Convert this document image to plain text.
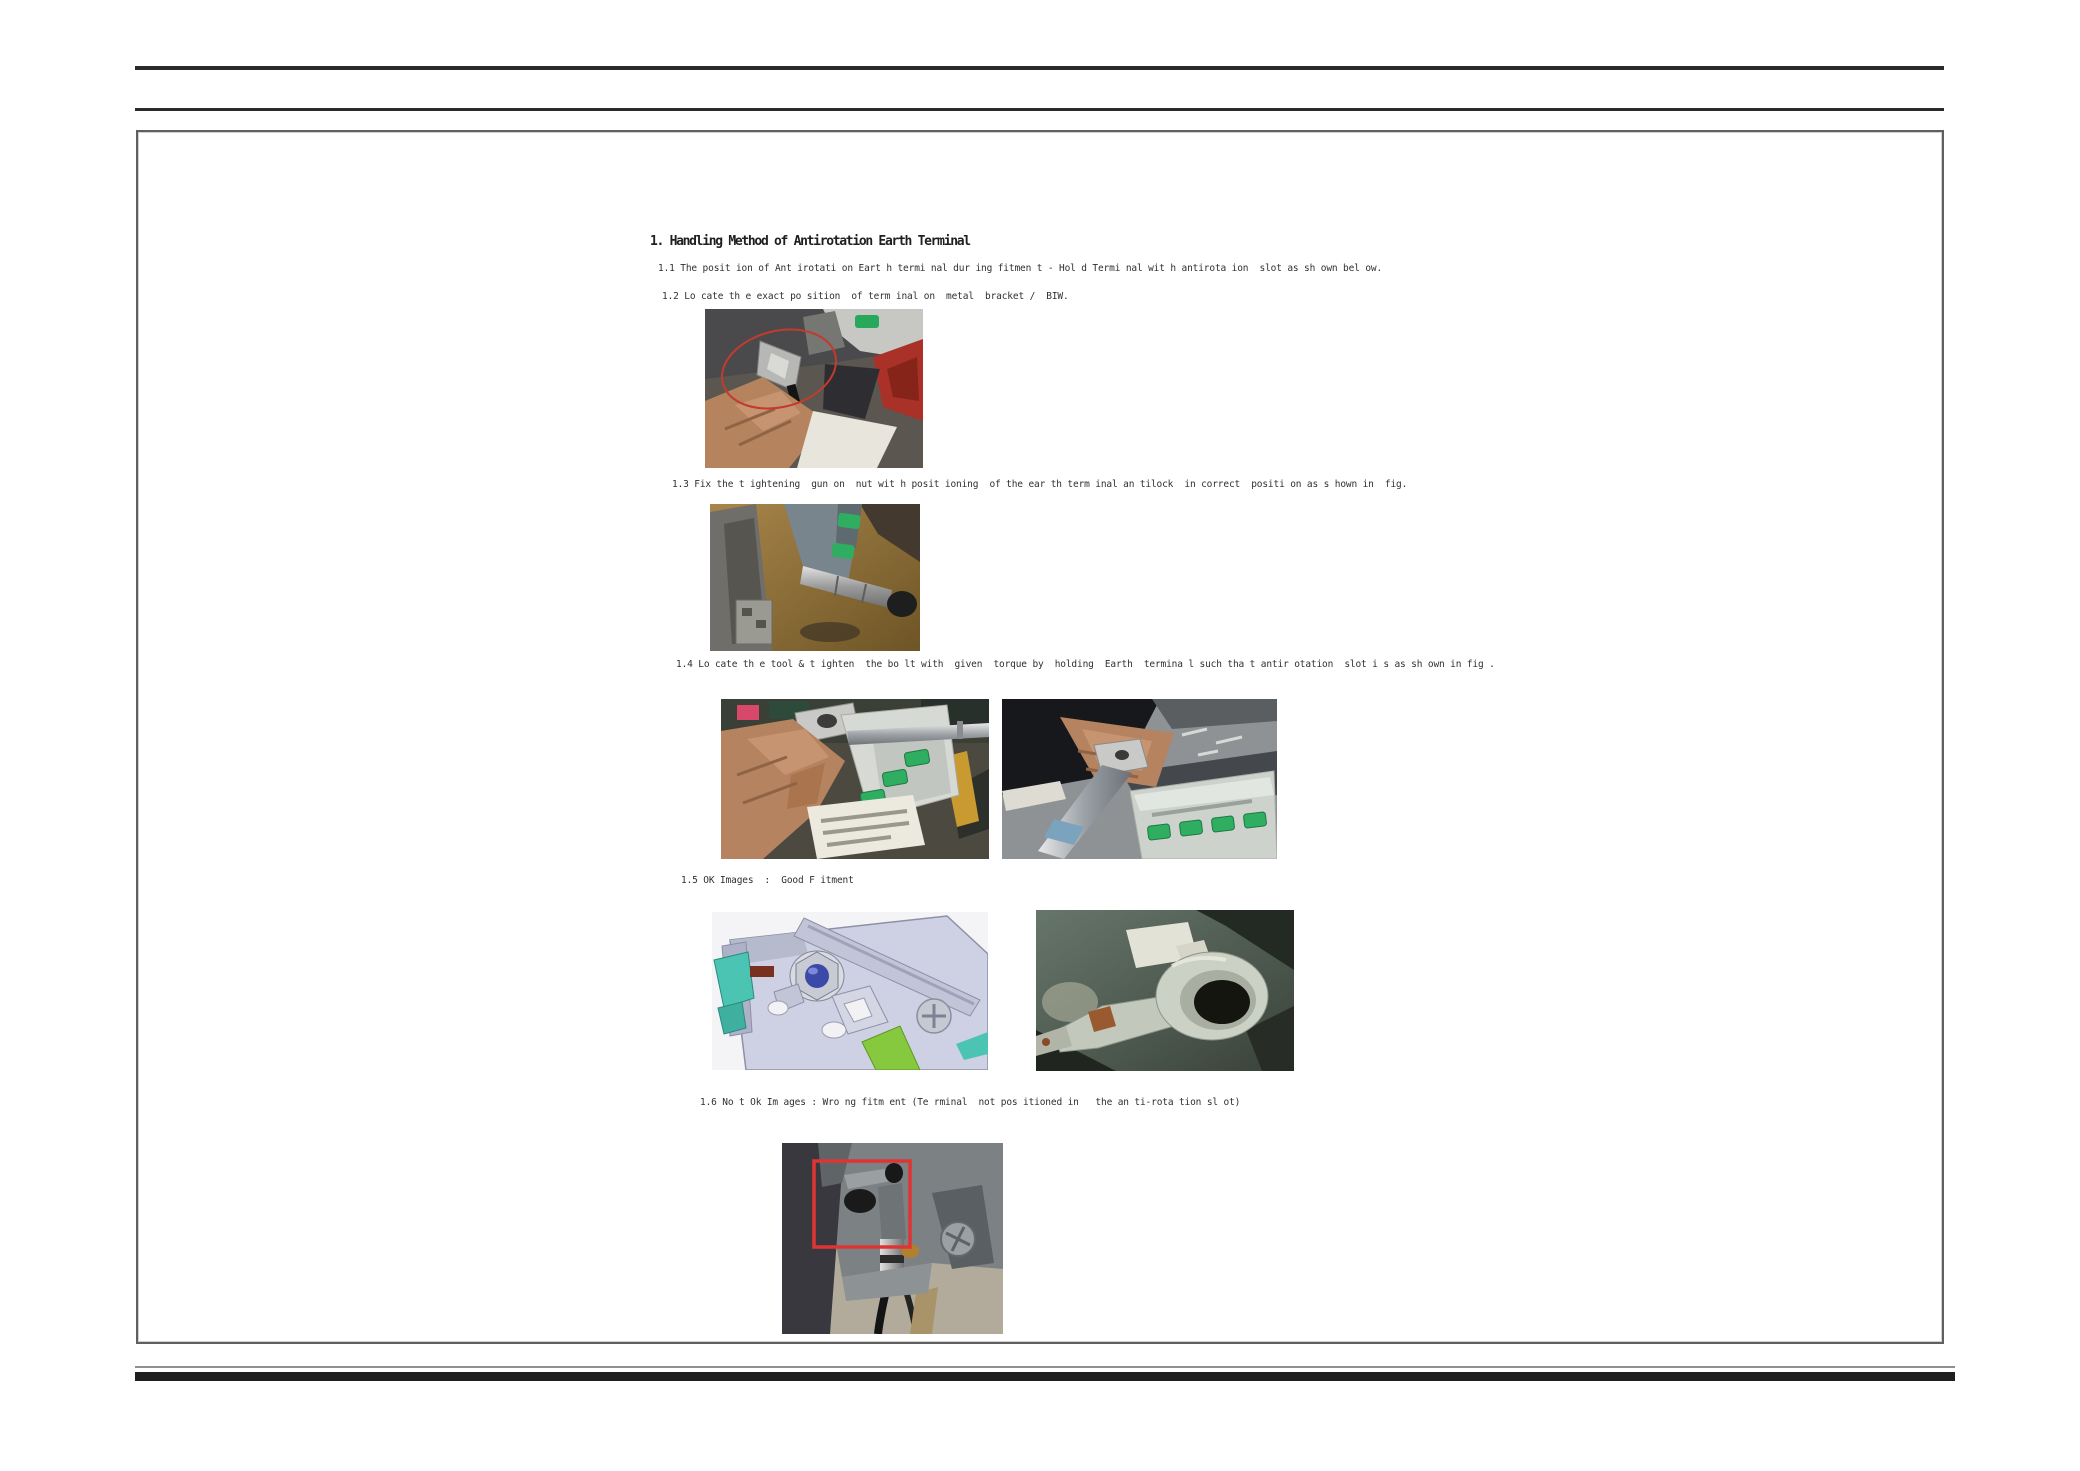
1. Handling Method of Antirotation Earth Terminal
1.1 The posit ion of Ant irotati on Eart h termi nal dur ing fitmen t - Hol d Termi nal wit h antirota ion  slot as sh own bel ow.
1.2 Lo cate th e exact po sition  of term inal on  metal  bracket /  BIW.
1.3 Fix the t ightening  gun on  nut wit h posit ioning  of the ear th term inal an tilock  in correct  positi on as s hown in  fig.
1.4 Lo cate th e tool & t ighten  the bo lt with  given  torque by  holding  Earth  termina l such tha t antir otation  slot i s as sh own in fig .
1.5 OK Images  :  Good F itment
1.6 No t Ok Im ages : Wro ng fitm ent (Te rminal  not pos itioned in   the an ti-rota tion sl ot)
